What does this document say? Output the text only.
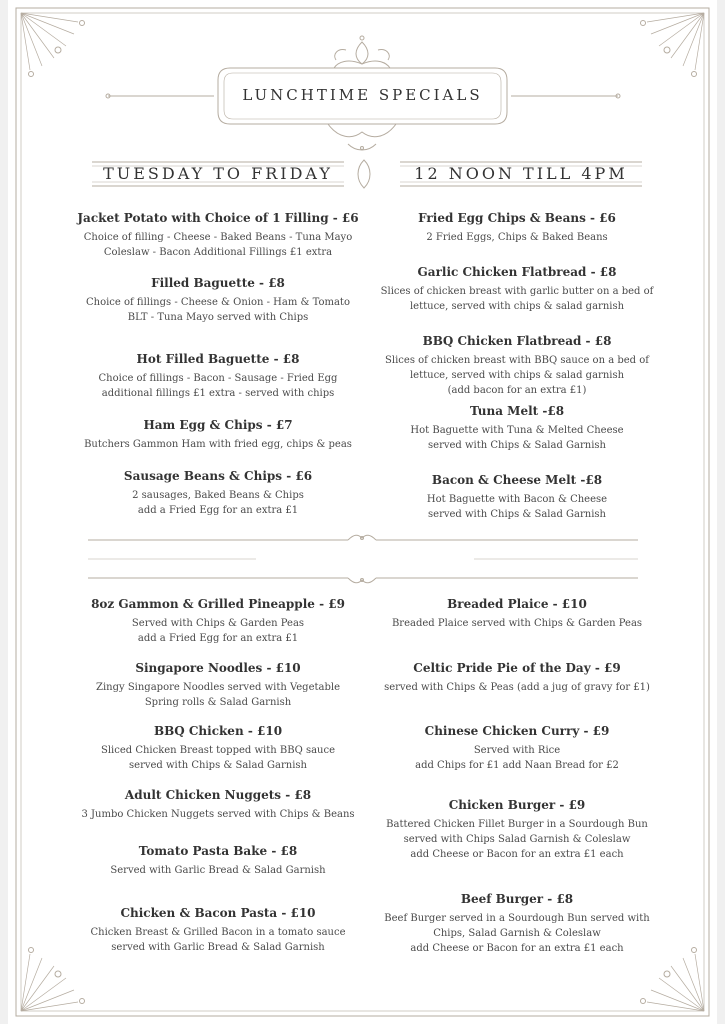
LUNCHTIME SPECIALS
TUESDAY TO FRIDAY	12 NOON TILL 4PM
Jacket Potato with Choice of 1 Filling - £6
Choice of filling - Cheese - Baked Beans - Tuna Mayo
Coleslaw - Bacon Additional Fillings £1 extra
Filled Baguette - £8
Choice of fillings - Cheese & Onion - Ham & Tomato
BLT - Tuna Mayo served with Chips
Hot Filled Baguette - £8
Choice of fillings - Bacon - Sausage - Fried Egg
additional fillings £1 extra - served with chips
Ham Egg & Chips - £7
Butchers Gammon Ham with fried egg, chips & peas
Sausage Beans & Chips - £6
2 sausages, Baked Beans & Chips
add a Fried Egg for an extra £1
Fried Egg Chips & Beans - £6
2 Fried Eggs, Chips & Baked Beans
Garlic Chicken Flatbread - £8
Slices of chicken breast with garlic butter on a bed of
lettuce, served with chips & salad garnish
BBQ Chicken Flatbread - £8
Slices of chicken breast with BBQ sauce on a bed of
lettuce, served with chips & salad garnish
(add bacon for an extra £1)
Tuna Melt -£8
Hot Baguette with Tuna & Melted Cheese
served with Chips & Salad Garnish
Bacon & Cheese Melt -£8
Hot Baguette with Bacon & Cheese
served with Chips & Salad Garnish
8oz Gammon & Grilled Pineapple - £9
Served with Chips & Garden Peas
add a Fried Egg for an extra £1
Singapore Noodles - £10
Zingy Singapore Noodles served with Vegetable
Spring rolls & Salad Garnish
BBQ Chicken - £10
Sliced Chicken Breast topped with BBQ sauce
served with Chips & Salad Garnish
Adult Chicken Nuggets - £8
3 Jumbo Chicken Nuggets served with Chips & Beans
Tomato Pasta Bake - £8
Served with Garlic Bread & Salad Garnish
Chicken & Bacon Pasta - £10
Chicken Breast & Grilled Bacon in a tomato sauce
served with Garlic Bread & Salad Garnish
Breaded Plaice - £10
Breaded Plaice served with Chips & Garden Peas
Celtic Pride Pie of the Day - £9
served with Chips & Peas (add a jug of gravy for £1)
Chinese Chicken Curry - £9
Served with Rice
add Chips for £1 add Naan Bread for £2
Chicken Burger - £9
Battered Chicken Fillet Burger in a Sourdough Bun
served with Chips Salad Garnish & Coleslaw
add Cheese or Bacon for an extra £1 each
Beef Burger - £8
Beef Burger served in a Sourdough Bun served with
Chips, Salad Garnish & Coleslaw
add Cheese or Bacon for an extra £1 each
